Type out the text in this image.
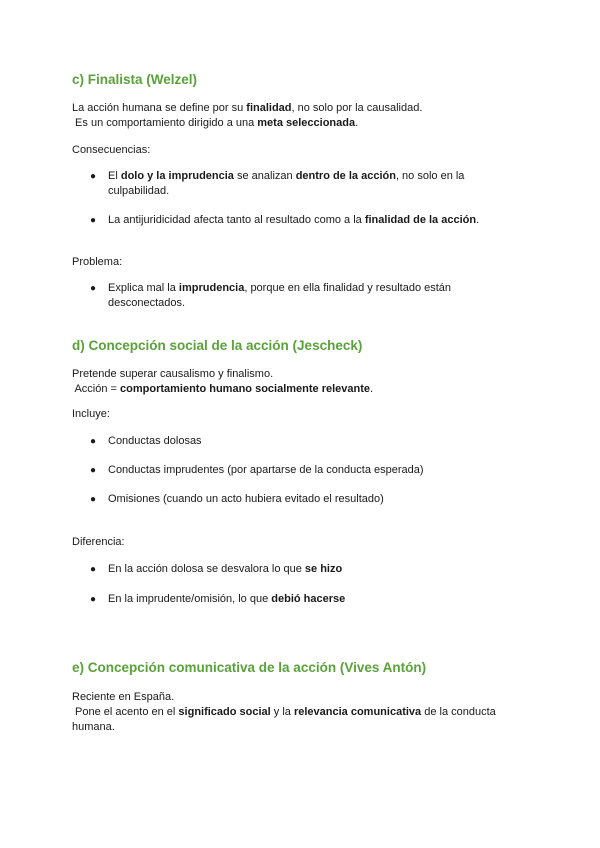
c) Finalista (Welzel)

La acción humana se define por su finalidad, no solo por la causalidad.
Es un comportamiento dirigido a una meta seleccionada.

Consecuencias:

● El dolo y la imprudencia se analizan dentro de la acción, no solo en la
culpabilidad.
● La antijuridicidad afecta tanto al resultado como a la finalidad de la acción.

Problema:

● Explica mal la imprudencia, porque en ella finalidad y resultado están
desconectados.
d) Concepción social de la acción (Jescheck)

Pretende superar causalismo y finalismo.
Acción = comportamiento humano socialmente relevante.

Incluye:

● Conductas dolosas
● Conductas imprudentes (por apartarse de la conducta esperada)
● Omisiones (cuando un acto hubiera evitado el resultado)

Diferencia:

● En la acción dolosa se desvalora lo que se hizo
● En la imprudente/omisión, lo que debió hacerse
e) Concepción comunicativa de la acción (Vives Antón)

Reciente en España.
Pone el acento en el significado social y la relevancia comunicativa de la conducta
humana.
